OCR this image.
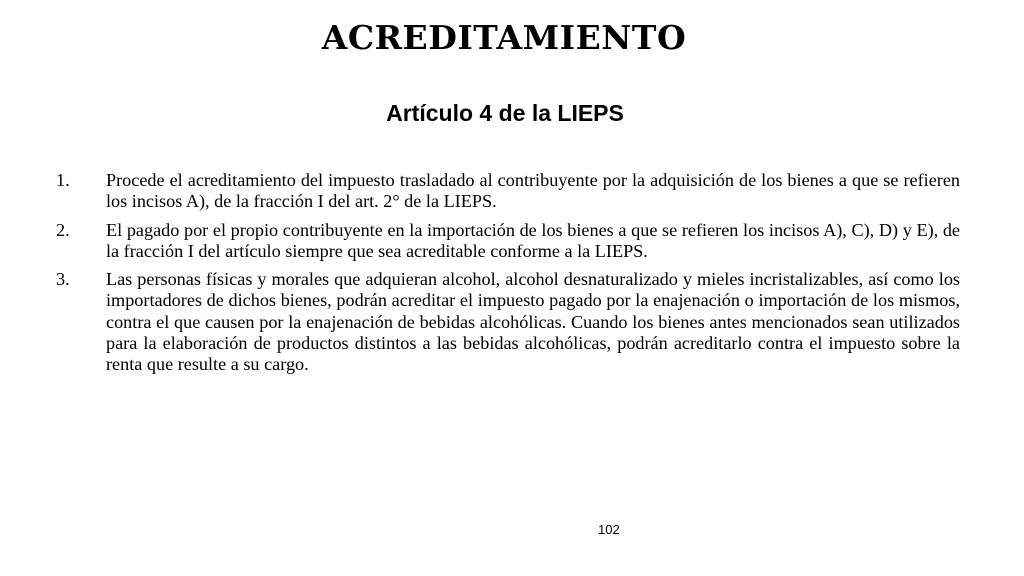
ACREDITAMIENTO
Artículo 4 de la LIEPS
1.	Procede el acreditamiento del impuesto trasladado al contribuyente por la adquisición de los bienes a que se refieren los incisos A), de la fracción I del art. 2° de la LIEPS.
2.	El pagado por el propio contribuyente en la importación de los bienes a que se refieren los incisos A), C), D) y E), de la fracción I del artículo siempre que sea acreditable conforme a la LIEPS.
3.	Las personas físicas y morales que adquieran alcohol, alcohol desnaturalizado y mieles incristalizables, así como los importadores de dichos bienes, podrán acreditar el impuesto pagado por la enajenación o importación de los mismos, contra el que causen por la enajenación de bebidas alcohólicas. Cuando los bienes antes mencionados sean utilizados para la elaboración de productos distintos a las bebidas alcohólicas, podrán acreditarlo contra el impuesto sobre la renta que resulte a su cargo.
102
